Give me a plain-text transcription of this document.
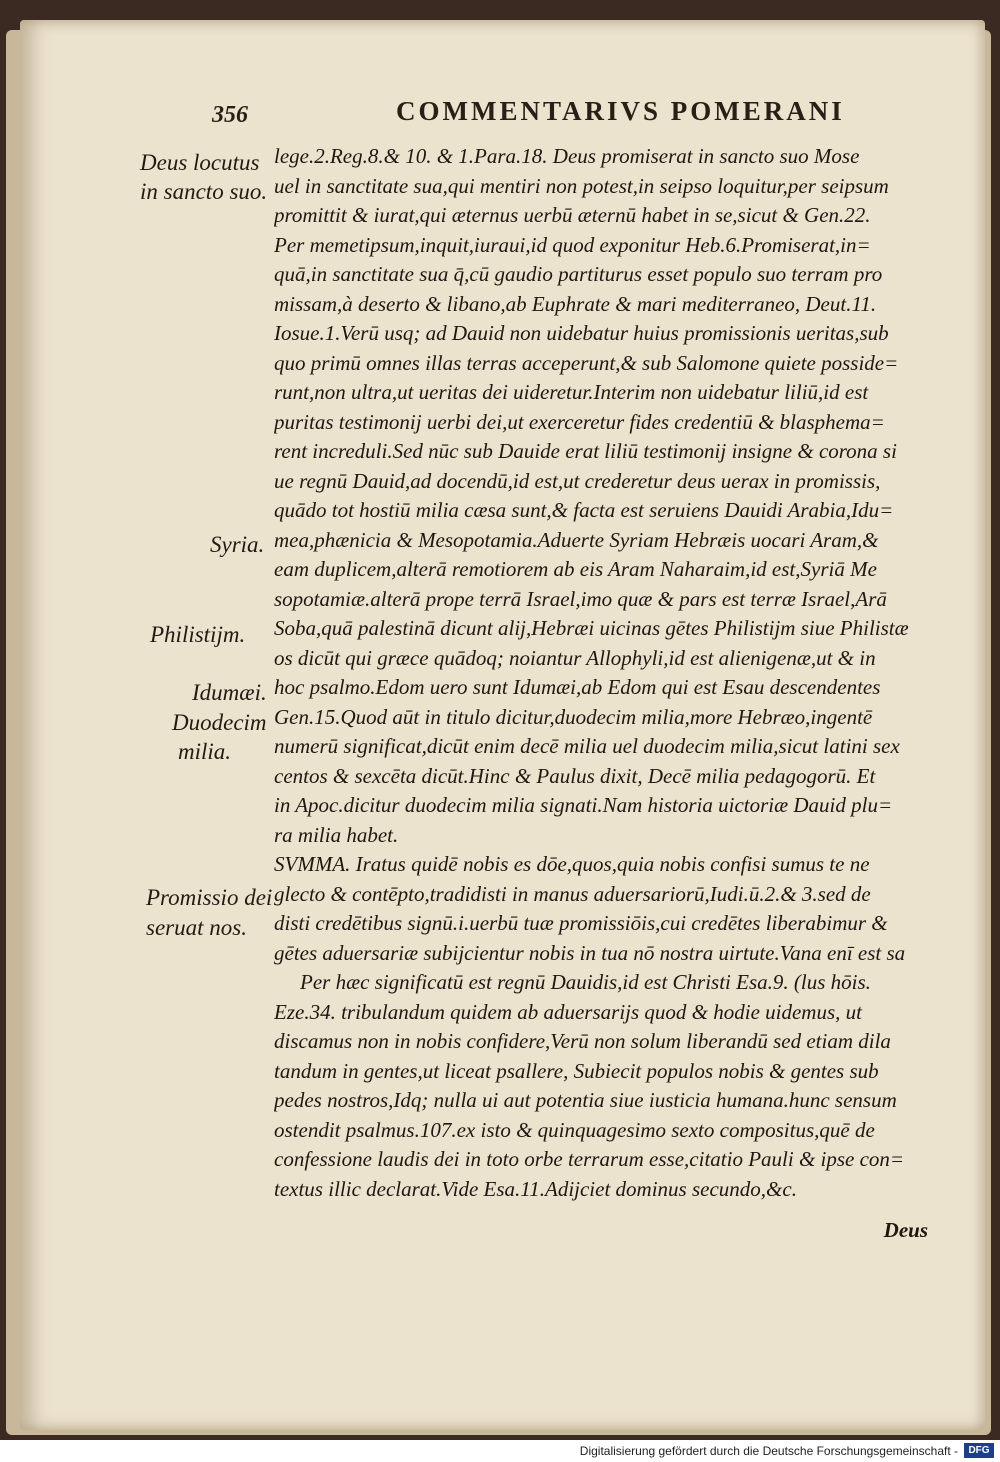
356	COMMENTARIVS POMERANI
Deus locutus
in sancto suo.
Syria.
Philistijm.
Idumæi.
Duodecim
milia.
Promissio dei
seruat nos.
lege.2.Reg.8.& 10. & 1.Para.18. Deus promiserat in sancto suo Mose
uel in sanctitate sua,qui mentiri non potest,in seipso loquitur,per seipsum
promittit & iurat,qui æternus uerbū æternū habet in se,sicut & Gen.22.
Per memetipsum,inquit,iuraui,id quod exponitur Heb.6.Promiserat,in=
quā,in sanctitate sua q̄,cū gaudio partiturus esset populo suo terram pro
missam,à deserto & libano,ab Euphrate & mari mediterraneo, Deut.11.
Iosue.1.Verū usq; ad Dauid non uidebatur huius promissionis ueritas,sub
quo primū omnes illas terras acceperunt,& sub Salomone quiete posside=
runt,non ultra,ut ueritas dei uideretur.Interim non uidebatur liliū,id est
puritas testimonij uerbi dei,ut exerceretur fides credentiū & blasphema=
rent increduli.Sed nūc sub Dauide erat liliū testimonij insigne & corona si
ue regnū Dauid,ad docendū,id est,ut crederetur deus uerax in promissis,
quādo tot hostiū milia cæsa sunt,& facta est seruiens Dauidi Arabia,Idu=
mea,phænicia & Mesopotamia.Aduerte Syriam Hebræis uocari Aram,&
eam duplicem,alterā remotiorem ab eis Aram Naharaim,id est,Syriā Me
sopotamiæ.alterā prope terrā Israel,imo quæ & pars est terræ Israel,Arā
Soba,quā palestinā dicunt alij,Hebræi uicinas gētes Philistijm siue Philistæ
os dicūt qui græce quādoq; noiantur Allophyli,id est alienigenæ,ut & in
hoc psalmo.Edom uero sunt Idumæi,ab Edom qui est Esau descendentes
Gen.15.Quod aūt in titulo dicitur,duodecim milia,more Hebræo,ingentē
numerū significat,dicūt enim decē milia uel duodecim milia,sicut latini sex
centos & sexcēta dicūt.Hinc & Paulus dixit, Decē milia pedagogorū. Et
in Apoc.dicitur duodecim milia signati.Nam historia uictoriæ Dauid plu=
ra milia habet.
SVMMA. Iratus quidē nobis es dōe,quos,quia nobis confisi sumus te ne
glecto & contēpto,tradidisti in manus aduersariorū,Iudi.ū.2.& 3.sed de
disti credētibus signū.i.uerbū tuæ promissiōis,cui credētes liberabimur &
gētes aduersariæ subijcientur nobis in tua nō nostra uirtute.Vana enī est sa
Per hæc significatū est regnū Dauidis,id est Christi Esa.9. (lus hōis.
Eze.34. tribulandum quidem ab aduersarijs quod & hodie uidemus, ut
discamus non in nobis confidere,Verū non solum liberandū sed etiam dila
tandum in gentes,ut liceat psallere, Subiecit populos nobis & gentes sub
pedes nostros,Idq; nulla ui aut potentia siue iusticia humana.hunc sensum
ostendit psalmus.107.ex isto & quinquagesimo sexto compositus,quē de
confessione laudis dei in toto orbe terrarum esse,citatio Pauli & ipse con=
textus illic declarat.Vide Esa.11.Adijciet dominus secundo,&c.
Deus
Digitalisierung gefördert durch die Deutsche Forschungsgemeinschaft -	DFG
